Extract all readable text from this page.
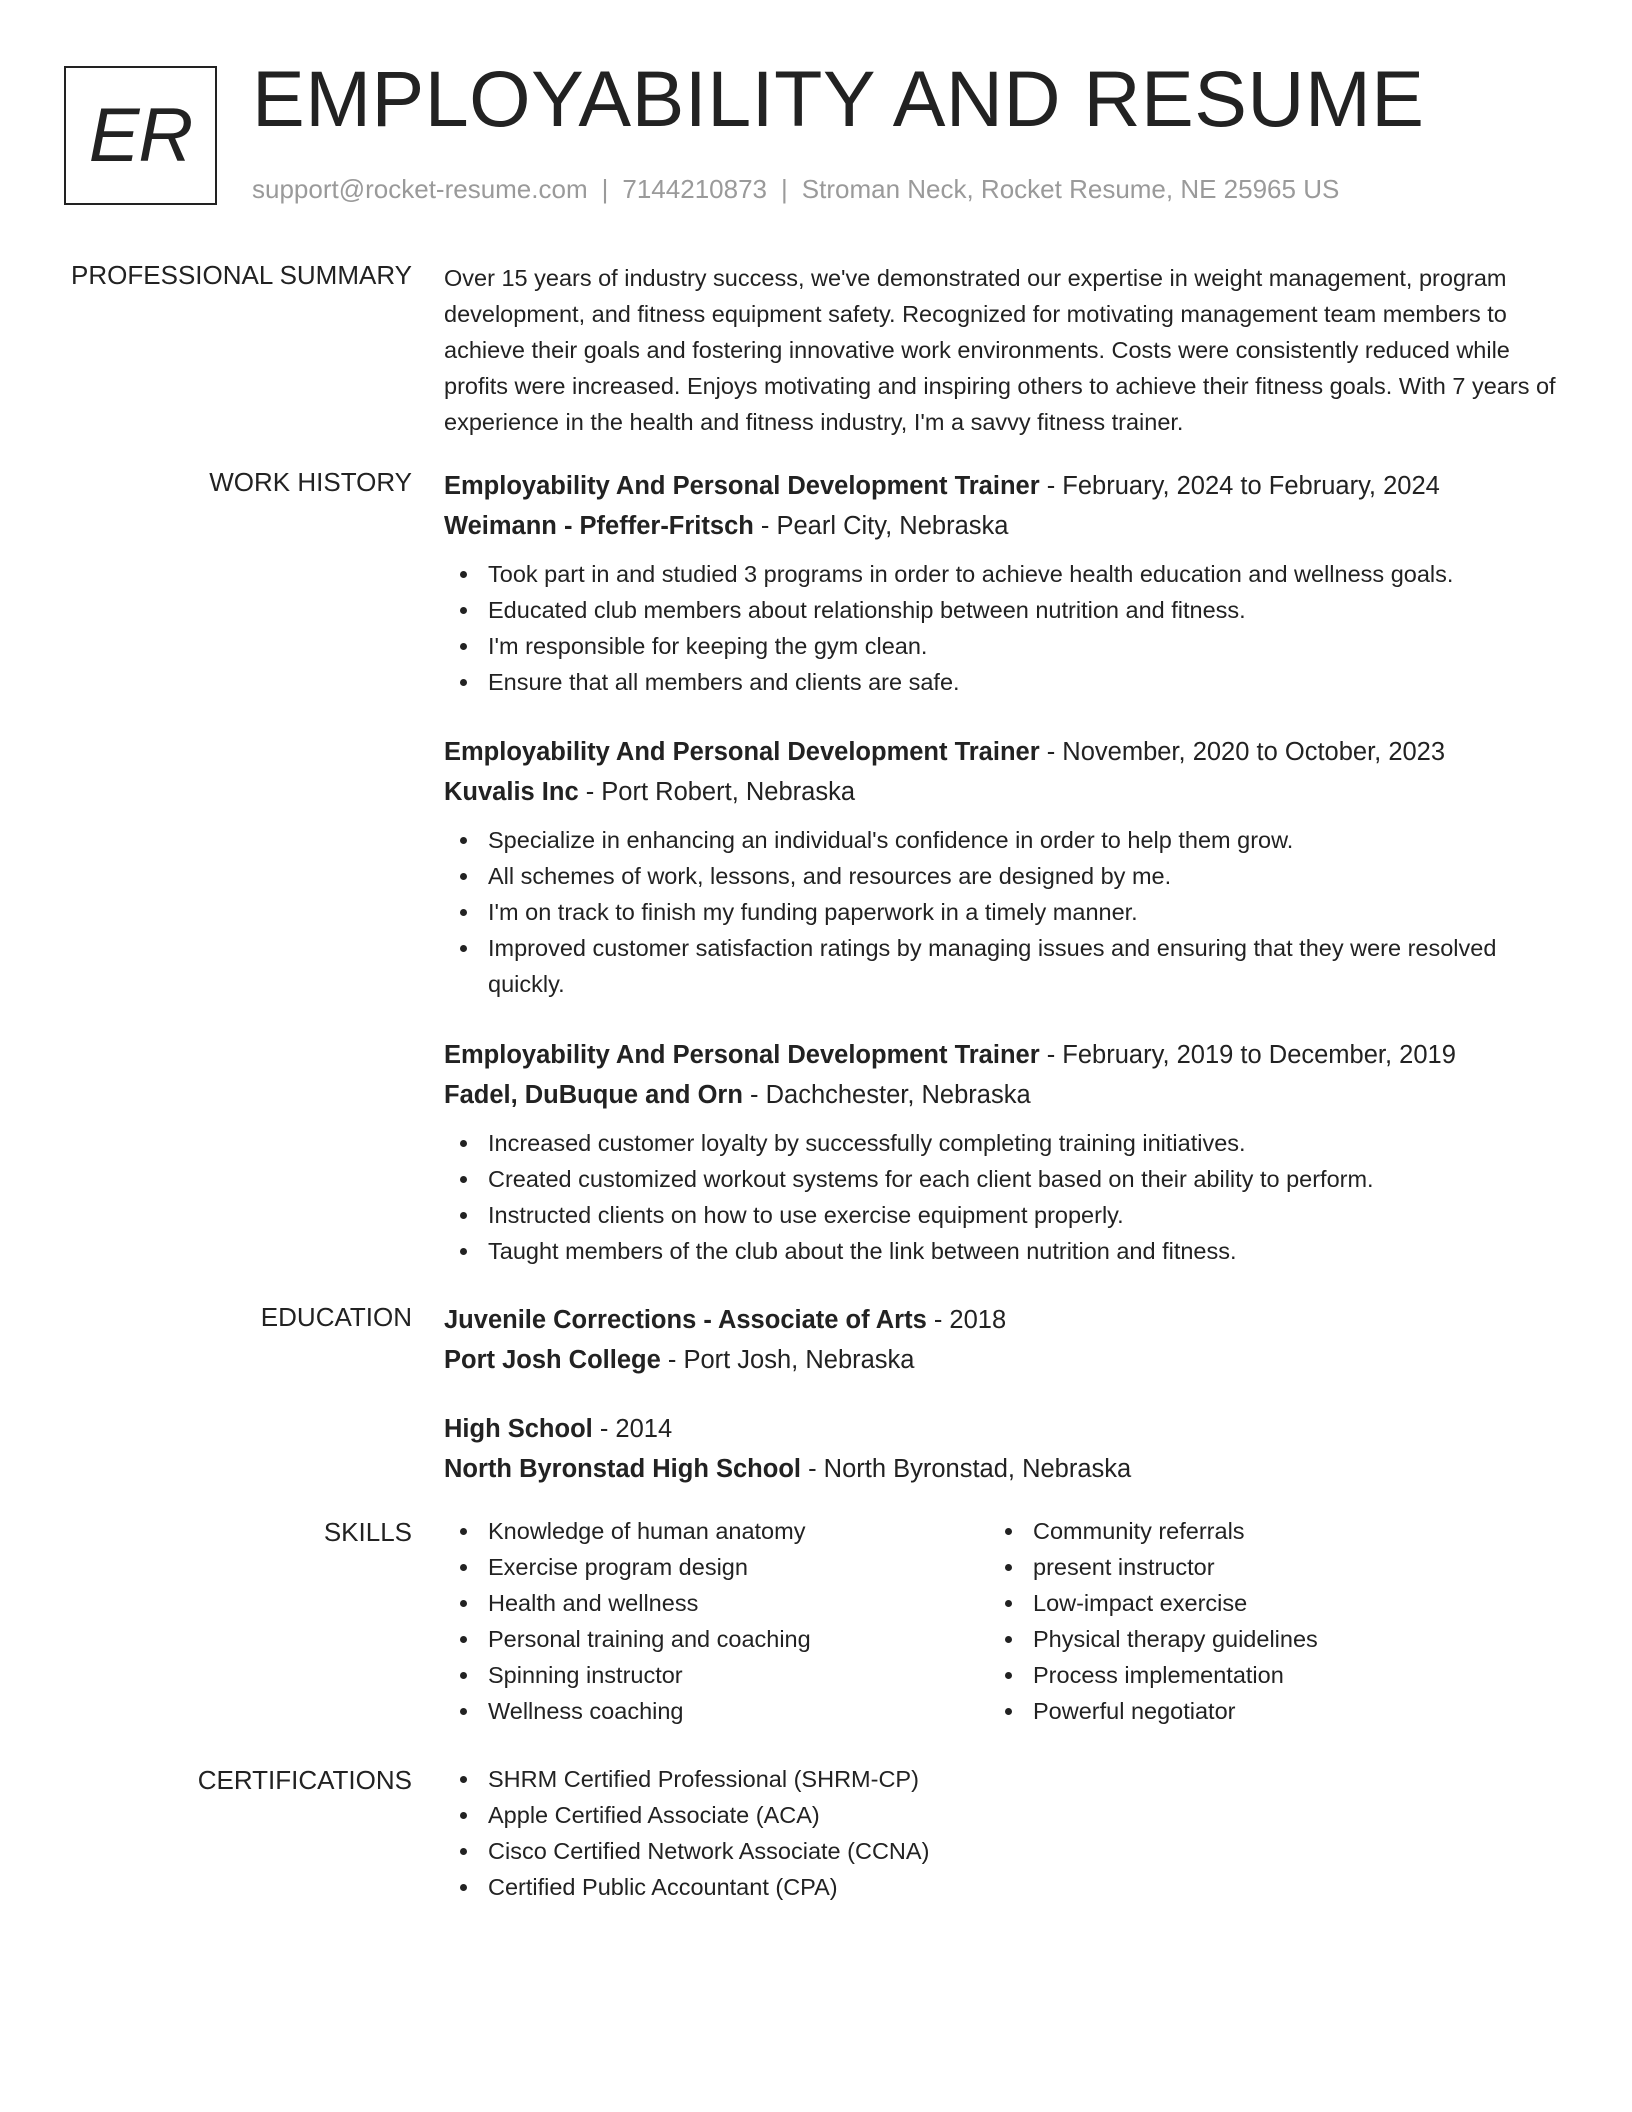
ER EMPLOYABILITY AND RESUME
support@rocket-resume.com | 7144210873 | Stroman Neck, Rocket Resume, NE 25965 US
PROFESSIONAL SUMMARY Over 15 years of industry success, we've demonstrated our expertise in weight management, program development, and fitness equipment safety. Recognized for motivating management team members to achieve their goals and fostering innovative work environments. Costs were consistently reduced while profits were increased. Enjoys motivating and inspiring others to achieve their fitness goals. With 7 years of experience in the health and fitness industry, I'm a savvy fitness trainer.
WORK HISTORY Employability And Personal Development Trainer - February, 2024 to February, 2024
Weimann - Pfeffer-Fritsch - Pearl City, Nebraska
Took part in and studied 3 programs in order to achieve health education and wellness goals.
Educated club members about relationship between nutrition and fitness.
I'm responsible for keeping the gym clean.
Ensure that all members and clients are safe.
Employability And Personal Development Trainer - November, 2020 to October, 2023
Kuvalis Inc - Port Robert, Nebraska
Specialize in enhancing an individual's confidence in order to help them grow.
All schemes of work, lessons, and resources are designed by me.
I'm on track to finish my funding paperwork in a timely manner.
Improved customer satisfaction ratings by managing issues and ensuring that they were resolved quickly.
Employability And Personal Development Trainer - February, 2019 to December, 2019
Fadel, DuBuque and Orn - Dachchester, Nebraska
Increased customer loyalty by successfully completing training initiatives.
Created customized workout systems for each client based on their ability to perform.
Instructed clients on how to use exercise equipment properly.
Taught members of the club about the link between nutrition and fitness.
EDUCATION Juvenile Corrections - Associate of Arts - 2018
Port Josh College - Port Josh, Nebraska
High School - 2014
North Byronstad High School - North Byronstad, Nebraska
SKILLS	Knowledge of human anatomy
Exercise program design
Health and wellness
Personal training and coaching
Spinning instructor
Wellness coaching
Community referrals
present instructor
Low-impact exercise
Physical therapy guidelines
Process implementation
Powerful negotiator
CERTIFICATIONS	SHRM Certified Professional (SHRM-CP)
Apple Certified Associate (ACA)
Cisco Certified Network Associate (CCNA)
Certified Public Accountant (CPA)
